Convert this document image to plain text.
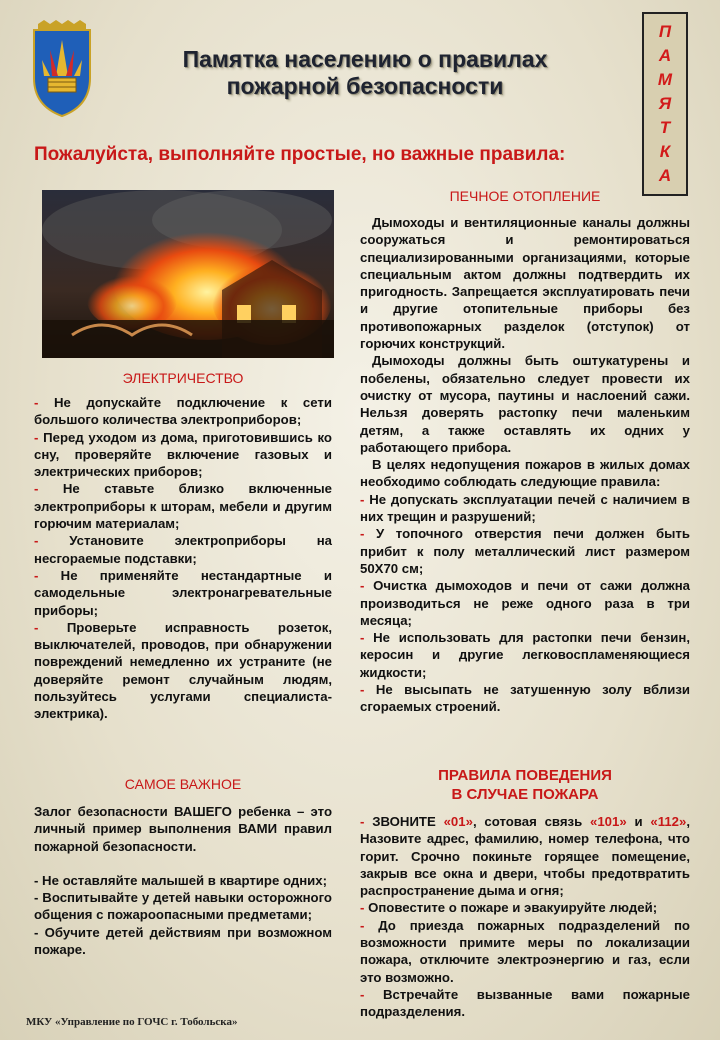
Памятка населению о правилах
пожарной безопасности
П
А
М
Я
Т
К
А
Пожалуйста, выполняйте простые, но важные правила:
ЭЛЕКТРИЧЕСТВО

- Не допускайте подключение к сети большого количества электроприборов;

- Перед уходом из дома, приготовившись ко сну, проверяйте включение газовых и электрических приборов;

- Не ставьте близко включенные электроприборы к шторам, мебели и другим горючим материалам;

- Установите электроприборы на несгораемые подставки;

- Не применяйте нестандартные и самодельные электронагревательные приборы;

- Проверьте исправность розеток, выключателей, проводов, при обнаружении повреждений немедленно их устраните (не доверяйте ремонт случайным людям, пользуйтесь услугами специалиста-электрика).

САМОЕ ВАЖНОЕ

Залог безопасности ВАШЕГО ребенка – это личный пример выполнения ВАМИ правил пожарной безопасности.

- Не оставляйте малышей в квартире одних;

- Воспитывайте у детей навыки осторожного общения с пожароопасными предметами;

- Обучите детей действиям при возможном пожаре.

ПЕЧНОЕ ОТОПЛЕНИЕ

Дымоходы и вентиляционные каналы должны сооружаться и ремонтироваться специализированными организациями, которые специальным актом должны подтвердить их пригодность. Запрещается эксплуатировать печи и другие отопительные приборы без противопожарных разделок (отступок) от горючих конструкций.

Дымоходы должны быть оштукатурены и побелены, обязательно следует провести их очистку от мусора, паутины и наслоений сажи. Нельзя доверять растопку печи маленьким детям, а также оставлять их одних у работающего прибора.

В целях недопущения пожаров в жилых домах необходимо соблюдать следующие правила:

- Не допускать эксплуатации печей с наличием в них трещин и разрушений;

- У топочного отверстия печи должен быть прибит к полу металлический лист размером 50Х70 см;

- Очистка дымоходов и печи от сажи должна производиться не реже одного раза в три месяца;

- Не использовать для растопки печи бензин, керосин и другие легковоспламеняющиеся жидкости;

- Не высыпать не затушенную золу вблизи сгораемых строений.

ПРАВИЛА ПОВЕДЕНИЯ
В СЛУЧАЕ ПОЖАРА

- ЗВОНИТЕ «01», сотовая связь «101» и «112», Назовите адрес, фамилию, номер телефона, что горит. Срочно покиньте горящее помещение, закрыв все окна и двери, чтобы предотвратить распространение дыма и огня;

- Оповестите о пожаре и эвакуируйте людей;

- До приезда пожарных подразделений по возможности примите меры по локализации пожара, отключите электроэнергию и газ, если это возможно.

- Встречайте вызванные вами пожарные подразделения.

МКУ «Управление по ГОЧС г. Тобольска»
